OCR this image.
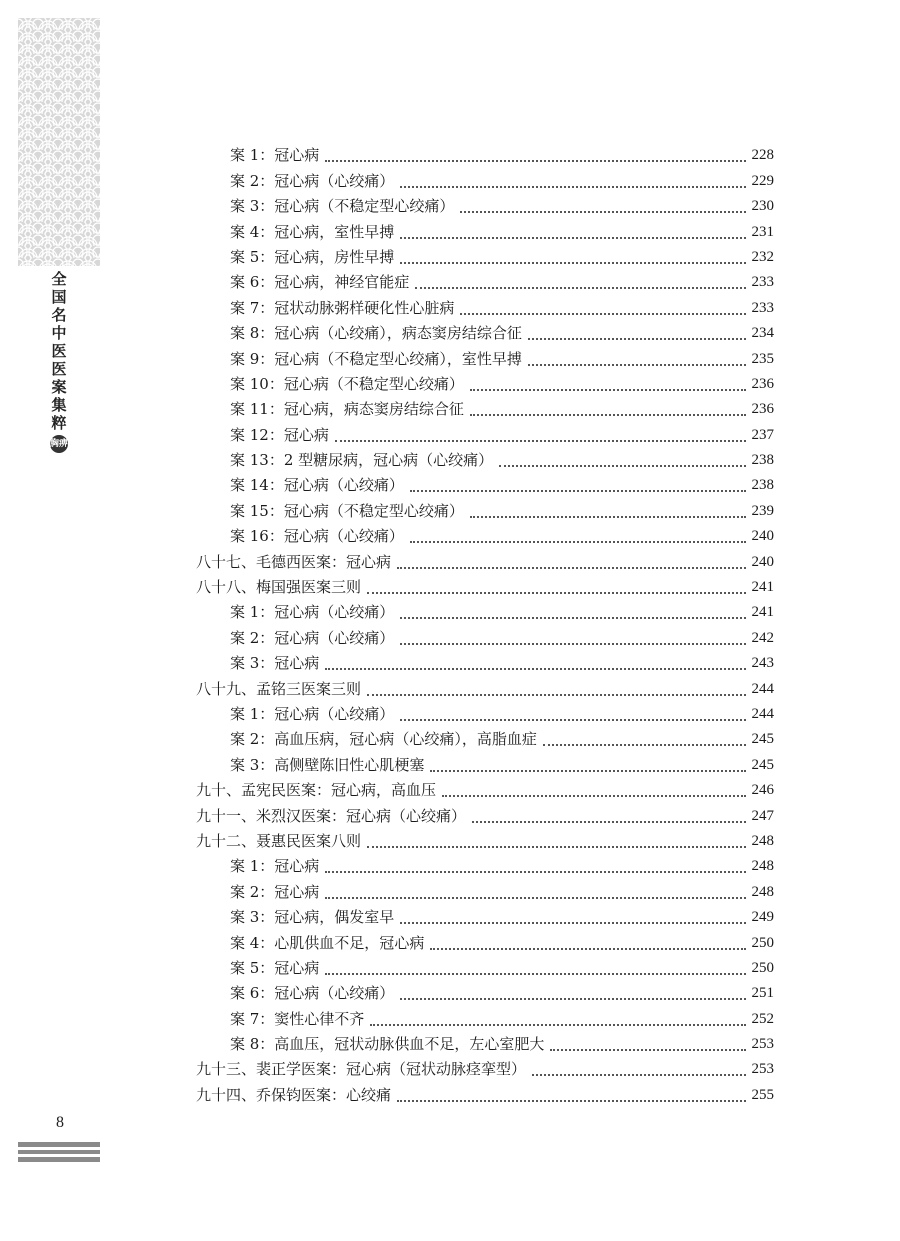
全
国
名
中
医
医
案
集
粹
胸痹
案 1：冠心病	228
案 2：冠心病（心绞痛）	229
案 3：冠心病（不稳定型心绞痛）	230
案 4：冠心病，室性早搏	231
案 5：冠心病，房性早搏	232
案 6：冠心病，神经官能症	233
案 7：冠状动脉粥样硬化性心脏病	233
案 8：冠心病（心绞痛），病态窦房结综合征	234
案 9：冠心病（不稳定型心绞痛），室性早搏	235
案 10：冠心病（不稳定型心绞痛）	236
案 11：冠心病，病态窦房结综合征	236
案 12：冠心病	237
案 13：2 型糖尿病，冠心病（心绞痛）	238
案 14：冠心病（心绞痛）	238
案 15：冠心病（不稳定型心绞痛）	239
案 16：冠心病（心绞痛）	240
八十七、毛德西医案：冠心病	240
八十八、梅国强医案三则	241
案 1：冠心病（心绞痛）	241
案 2：冠心病（心绞痛）	242
案 3：冠心病	243
八十九、孟铭三医案三则	244
案 1：冠心病（心绞痛）	244
案 2：高血压病，冠心病（心绞痛），高脂血症	245
案 3：高侧壁陈旧性心肌梗塞	245
九十、孟宪民医案：冠心病，高血压	246
九十一、米烈汉医案：冠心病（心绞痛）	247
九十二、聂惠民医案八则	248
案 1：冠心病	248
案 2：冠心病	248
案 3：冠心病，偶发室早	249
案 4：心肌供血不足，冠心病	250
案 5：冠心病	250
案 6：冠心病（心绞痛）	251
案 7：窦性心律不齐	252
案 8：高血压，冠状动脉供血不足，左心室肥大	253
九十三、裴正学医案：冠心病（冠状动脉痉挛型）	253
九十四、乔保钧医案：心绞痛	255
8
